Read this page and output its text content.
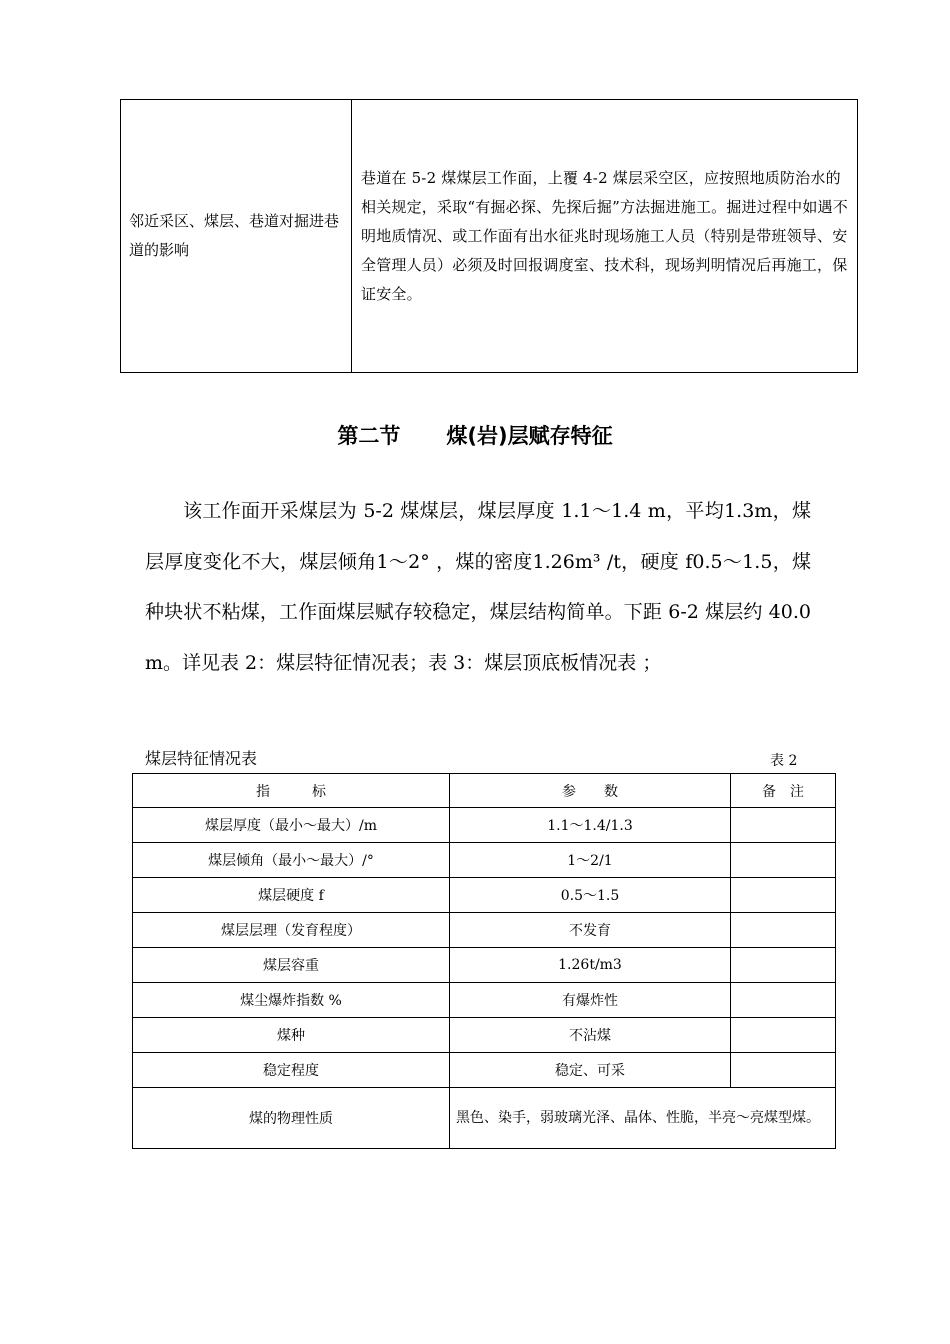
邻近采区、煤层、巷道对掘进巷道的影响	巷道在 5-2 煤煤层工作面，上覆 4-2 煤层采空区，应按照地质防治水的相关规定，采取“有掘必探、先探后掘”方法掘进施工。掘进过程中如遇不明地质情况、或工作面有出水征兆时现场施工人员（特别是带班领导、安全管理人员）必须及时回报调度室、技术科，现场判明情况后再施工，保证安全。
第二节 煤(岩)层赋存特征

该工作面开采煤层为 5-2 煤煤层，煤层厚度 1.1～1.4 m，平均1.3m，煤层厚度变化不大，煤层倾角1～2° ，煤的密度1.26m³ /t，硬度 f0.5～1.5，煤种块状不粘煤，工作面煤层赋存较稳定，煤层结构简单。下距 6-2 煤层约 40.0 m。详见表 2：煤层特征情况表；表 3：煤层顶底板情况表 ；

煤层特征情况表	表 2
指　　　标	参　　数	备　注
煤层厚度（最小～最大）/m	1.1～1.4/1.3	
煤层倾角（最小～最大）/°	1～2/1	
煤层硬度 f	0.5～1.5	
煤层层理（发育程度）	不发育	
煤层容重	1.26t/m3	
煤尘爆炸指数 %	有爆炸性	
煤种	不沾煤	
稳定程度	稳定、可采	
煤的物理性质	黑色、染手，弱玻璃光泽、晶体、性脆，半亮～亮煤型煤。	
